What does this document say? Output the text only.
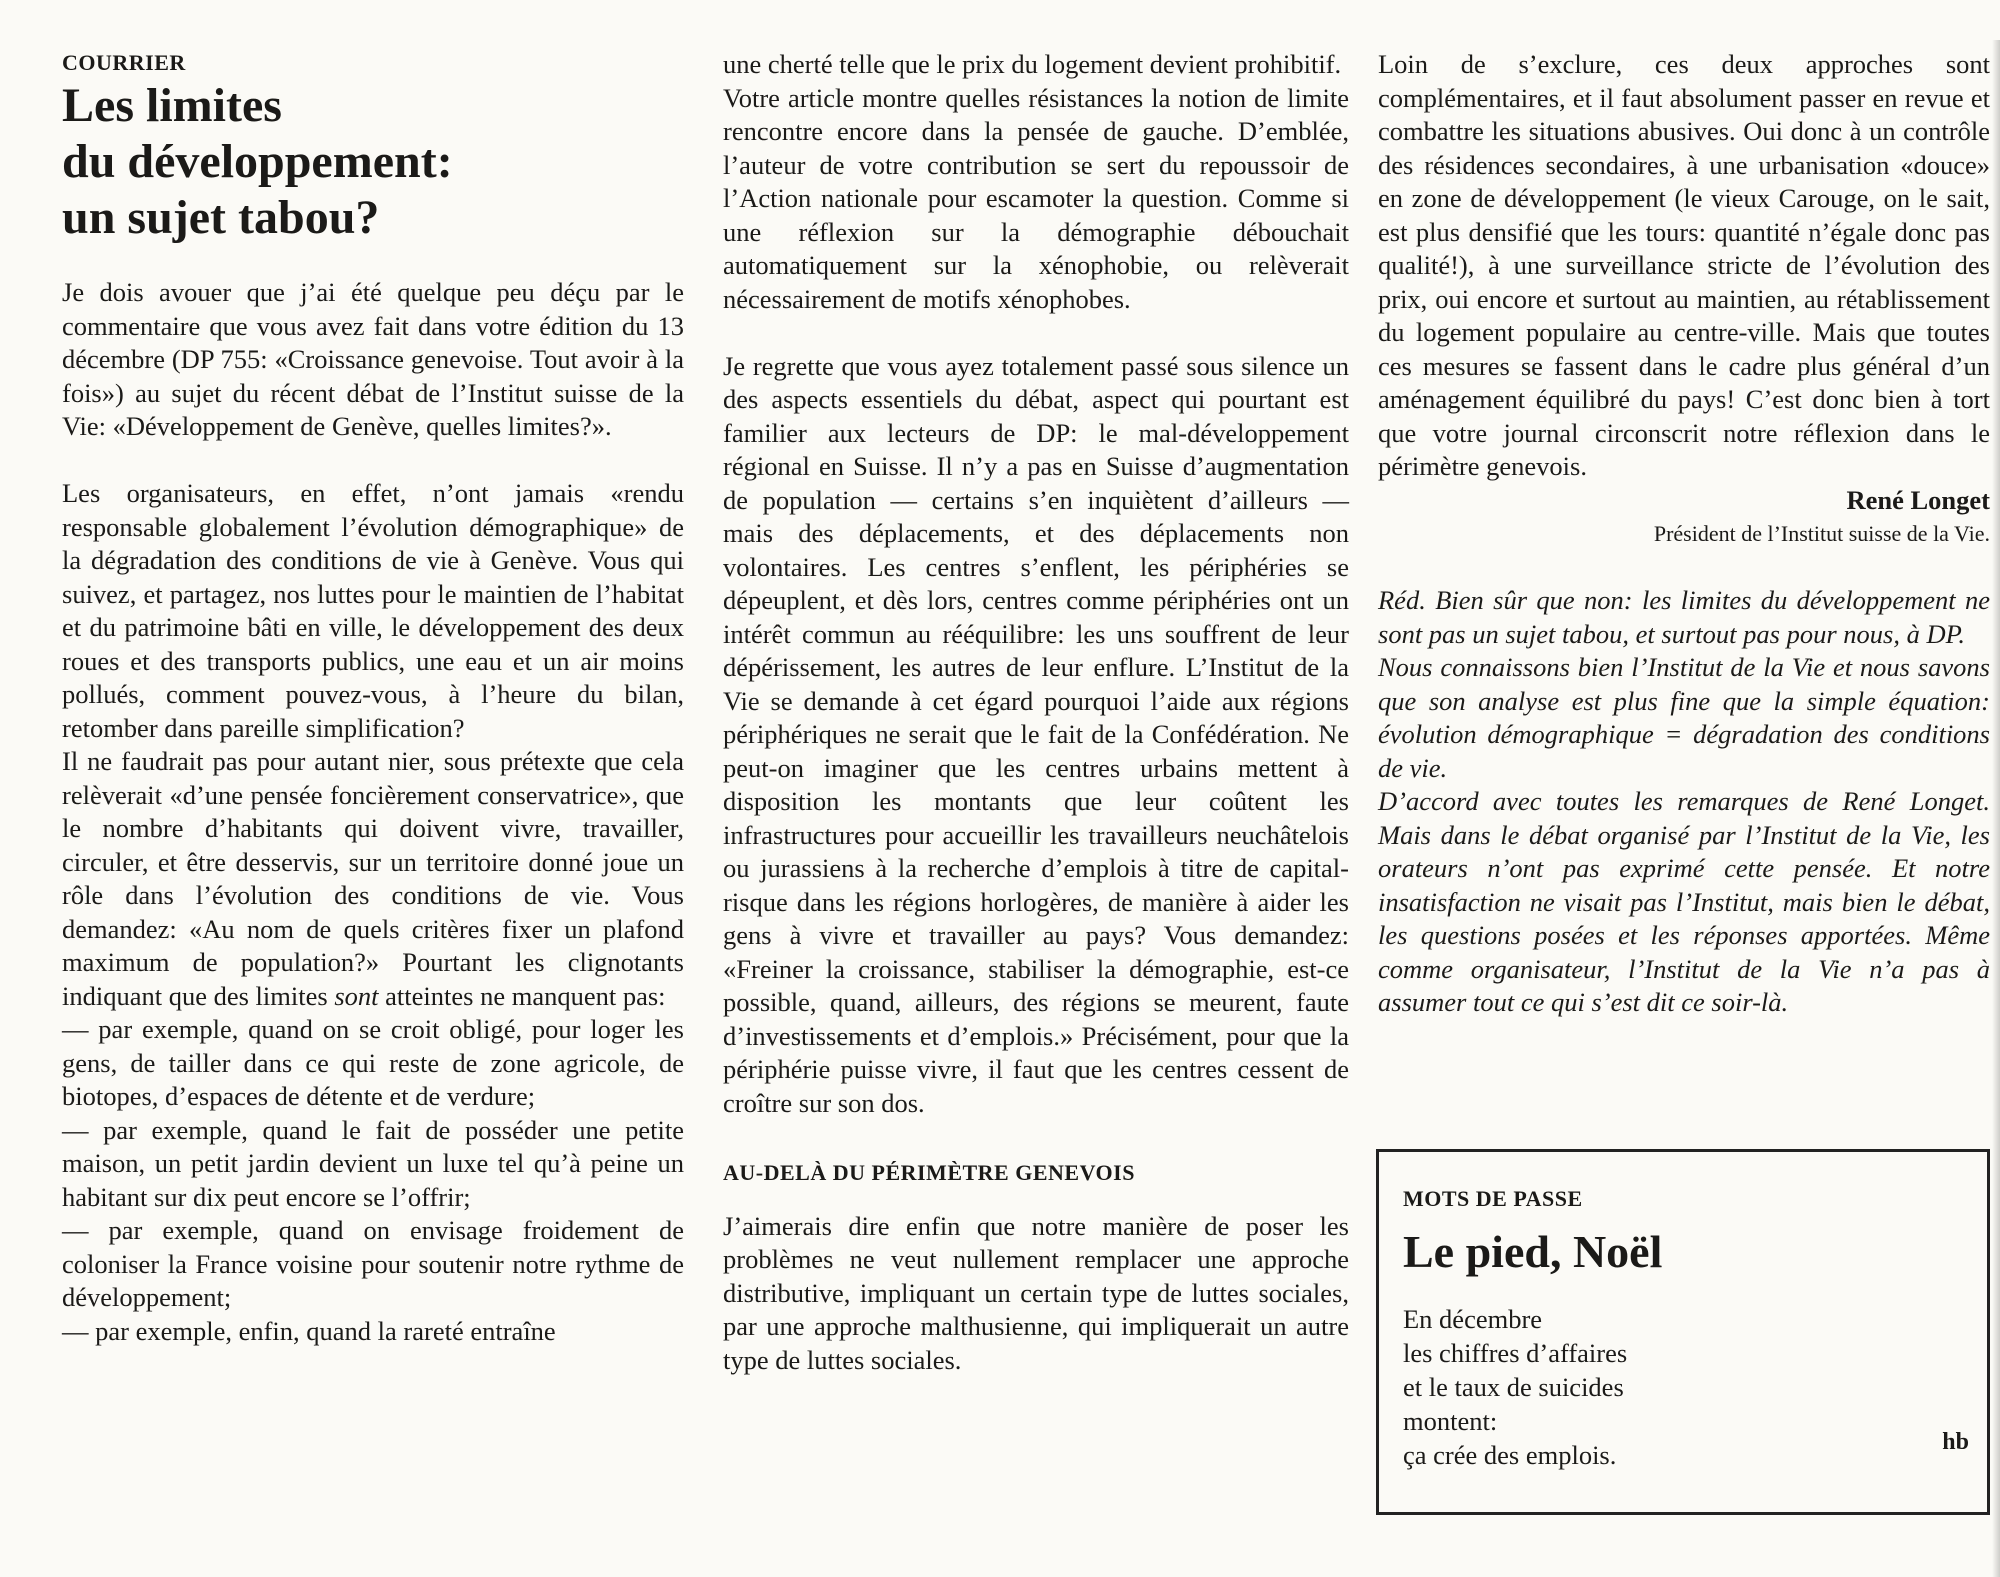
COURRIER

Les limites
du développement:
un sujet tabou?

Je dois avouer que j’ai été quelque peu déçu par le commentaire que vous avez fait dans votre édition du 13 décembre (DP 755: «Croissance genevoise. Tout avoir à la fois») au sujet du récent débat de l’Institut suisse de la Vie: «Développement de Genève, quelles limites?».

Les organisateurs, en effet, n’ont jamais «rendu responsable globalement l’évolution démographique» de la dégradation des conditions de vie à Genève. Vous qui suivez, et partagez, nos luttes pour le maintien de l’habitat et du patrimoine bâti en ville, le développement des deux roues et des transports publics, une eau et un air moins pollués, comment pouvez-vous, à l’heure du bilan, retomber dans pareille simplification?

Il ne faudrait pas pour autant nier, sous prétexte que cela relèverait «d’une pensée foncièrement conservatrice», que le nombre d’habitants qui doivent vivre, travailler, circuler, et être desservis, sur un territoire donné joue un rôle dans l’évolution des conditions de vie. Vous demandez: «Au nom de quels critères fixer un plafond maximum de population?» Pourtant les clignotants indiquant que des limites sont atteintes ne manquent pas:

— par exemple, quand on se croit obligé, pour loger les gens, de tailler dans ce qui reste de zone agricole, de biotopes, d’espaces de détente et de verdure;

— par exemple, quand le fait de posséder une petite maison, un petit jardin devient un luxe tel qu’à peine un habitant sur dix peut encore se l’offrir;

— par exemple, quand on envisage froidement de coloniser la France voisine pour soutenir notre rythme de développement;

— par exemple, enfin, quand la rareté entraîne

une cherté telle que le prix du logement devient prohibitif.

Votre article montre quelles résistances la notion de limite rencontre encore dans la pensée de gauche. D’emblée, l’auteur de votre contribution se sert du repoussoir de l’Action nationale pour escamoter la question. Comme si une réflexion sur la démographie débouchait automatiquement sur la xénophobie, ou relèverait nécessairement de motifs xénophobes.

Je regrette que vous ayez totalement passé sous silence un des aspects essentiels du débat, aspect qui pourtant est familier aux lecteurs de DP: le mal-développement régional en Suisse. Il n’y a pas en Suisse d’augmentation de population — certains s’en inquiètent d’ailleurs — mais des déplacements, et des déplacements non volontaires. Les centres s’enflent, les périphéries se dépeuplent, et dès lors, centres comme périphéries ont un intérêt commun au rééquilibre: les uns souffrent de leur dépérissement, les autres de leur enflure. L’Institut de la Vie se demande à cet égard pourquoi l’aide aux régions périphériques ne serait que le fait de la Confédération. Ne peut-on imaginer que les centres urbains mettent à disposition les montants que leur coûtent les infrastructures pour accueillir les travailleurs neuchâtelois ou jurassiens à la recherche d’emplois à titre de capital-risque dans les régions horlogères, de manière à aider les gens à vivre et travailler au pays? Vous demandez: «Freiner la croissance, stabiliser la démographie, est-ce possible, quand, ailleurs, des régions se meurent, faute d’investissements et d’emplois.» Précisément, pour que la périphérie puisse vivre, il faut que les centres cessent de croître sur son dos.

AU-DELÀ DU PÉRIMÈTRE GENEVOIS

J’aimerais dire enfin que notre manière de poser les problèmes ne veut nullement remplacer une approche distributive, impliquant un certain type de luttes sociales, par une approche malthusienne, qui impliquerait un autre type de luttes sociales.

Loin de s’exclure, ces deux approches sont complémentaires, et il faut absolument passer en revue et combattre les situations abusives. Oui donc à un contrôle des résidences secondaires, à une urbanisation «douce» en zone de développement (le vieux Carouge, on le sait, est plus densifié que les tours: quantité n’égale donc pas qualité!), à une surveillance stricte de l’évolution des prix, oui encore et surtout au maintien, au rétablissement du logement populaire au centre-ville. Mais que toutes ces mesures se fassent dans le cadre plus général d’un aménagement équilibré du pays! C’est donc bien à tort que votre journal circonscrit notre réflexion dans le périmètre genevois.

René Longet

Président de l’Institut suisse de la Vie.

Réd. Bien sûr que non: les limites du développement ne sont pas un sujet tabou, et surtout pas pour nous, à DP.

Nous connaissons bien l’Institut de la Vie et nous savons que son analyse est plus fine que la simple équation: évolution démographique = dégradation des conditions de vie.

D’accord avec toutes les remarques de René Longet. Mais dans le débat organisé par l’Institut de la Vie, les orateurs n’ont pas exprimé cette pensée. Et notre insatisfaction ne visait pas l’Institut, mais bien le débat, les questions posées et les réponses apportées. Même comme organisateur, l’Institut de la Vie n’a pas à assumer tout ce qui s’est dit ce soir-là.

MOTS DE PASSE

Le pied, Noël
En décembre
les chiffres d’affaires
et le taux de suicides
montent:
ça crée des emplois.	hb
